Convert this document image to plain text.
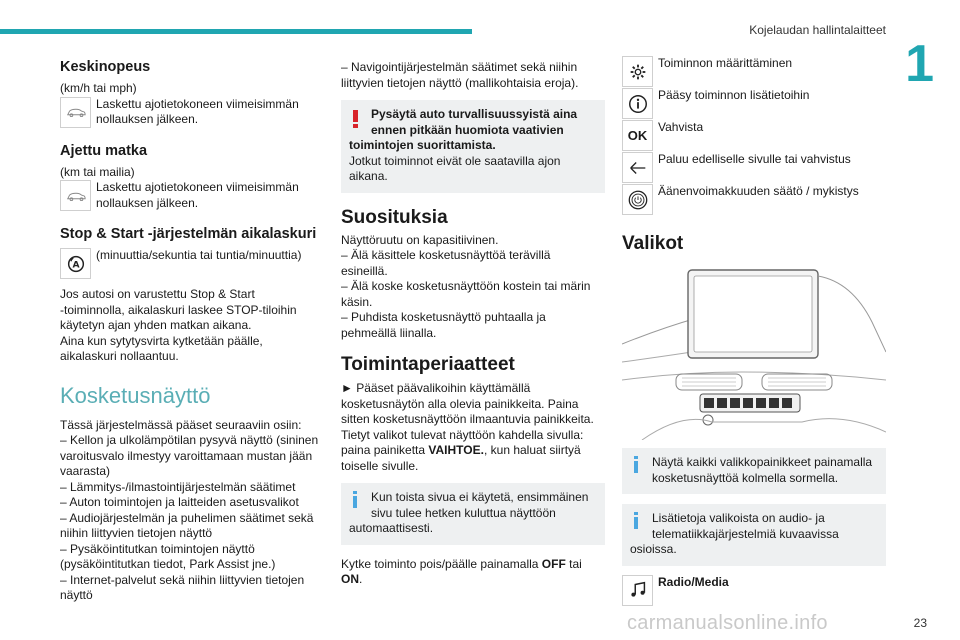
Kojelaudan hallintalaitteet
1

Keskinopeus

(km/h tai mph)

Laskettu ajotietokoneen viimeisimmän nollauksen jälkeen.

Ajettu matka

(km tai mailia)

Laskettu ajotietokoneen viimeisimmän nollauksen jälkeen.

Stop & Start -järjestelmän aikalaskuri

A

(minuuttia/sekuntia tai tuntia/minuuttia)

Jos autosi on varustettu Stop & Start

-toiminnolla, aikalaskuri laskee STOP-tiloihin

käytetyn ajan yhden matkan aikana.

Aina kun sytytysvirta kytketään päälle,

aikalaskuri nollaantuu.

Kosketusnäyttö

Tässä järjestelmässä pääset seuraaviin osiin:

– Kellon ja ulkolämpötilan pysyvä näyttö (sininen

varoitusvalo ilmestyy varoittamaan mustan jään

vaarasta)

– Lämmitys-/ilmastointijärjestelmän säätimet

– Auton toimintojen ja laitteiden asetusvalikot

– Audiojärjestelmän ja puhelimen säätimet sekä

niihin liittyvien tietojen näyttö

– Pysäköintitutkan toimintojen näyttö

(pysäköintitutkan tiedot, Park Assist jne.)

– Internet-palvelut sekä niihin liittyvien tietojen

näyttö

– Navigointijärjestelmän säätimet sekä niihin

liittyvien tietojen näyttö (mallikohtaisia eroja).

Pysäytä auto turvallisuussyistä aina

ennen pitkään huomiota vaativien

toimintojen suorittamista.

Jotkut toiminnot eivät ole saatavilla ajon

aikana.

Suosituksia

Näyttöruutu on kapasitiivinen.

– Älä käsittele kosketusnäyttöä terävillä

esineillä.

– Älä koske kosketusnäyttöön kostein tai märin

käsin.

– Puhdista kosketusnäyttö puhtaalla ja

pehmeällä liinalla.

Toimintaperiaatteet

► Pääset päävalikoihin käyttämällä

kosketusnäytön alla olevia painikkeita. Paina

sitten kosketusnäyttöön ilmaantuvia painikkeita.

Tietyt valikot tulevat näyttöön kahdella sivulla:

paina painiketta VAIHTOE., kun haluat siirtyä

toiselle sivulle.

Kun toista sivua ei käytetä, ensimmäinen

sivu tulee hetken kuluttua näyttöön

automaattisesti.

Kytke toiminto pois/päälle painamalla OFF tai

ON.

Toiminnon määrittäminen

Pääsy toiminnon lisätietoihin

OK

Vahvista

Paluu edelliselle sivulle tai vahvistus

Äänenvoimakkuuden säätö / mykistys

Valikot

Näytä kaikki valikkopainikkeet painamalla

kosketusnäyttöä kolmella sormella.

Lisätietoja valikoista on audio- ja

telematiikkajärjestelmiä kuvaavissa

osioissa.

Radio/Media

carmanualsonline.info	23
